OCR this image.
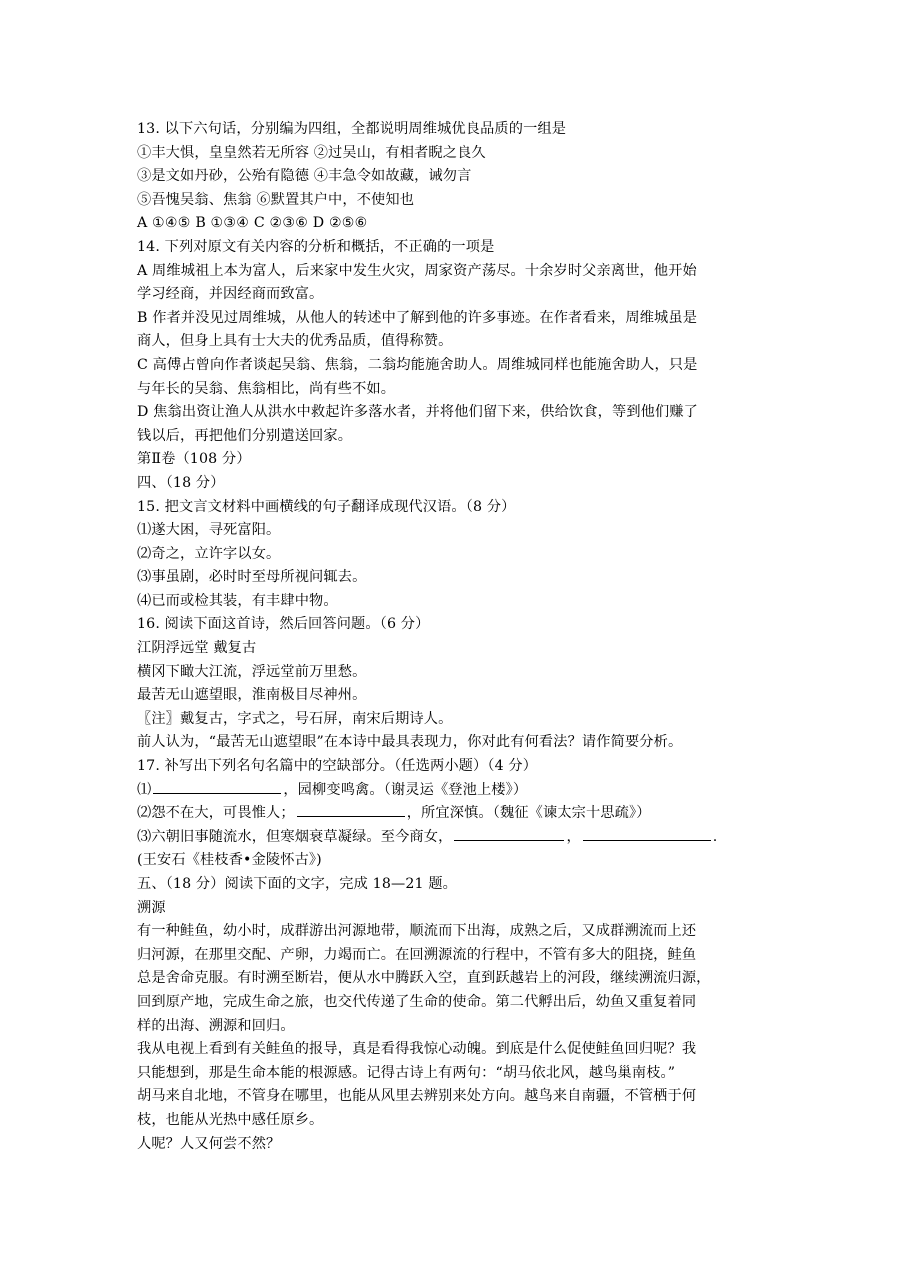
13. 以下六句话，分别编为四组，全都说明周维城优良品质的一组是
①丰大惧，皇皇然若无所容 ②过吴山，有相者睨之良久
③是文如丹砂，公殆有隐德 ④丰急令如故藏，诫勿言
⑤吾愧吴翁、焦翁 ⑥默置其户中，不使知也
A ①④⑤ B ①③④ C ②③⑥ D ②⑤⑥
14. 下列对原文有关内容的分析和概括，不正确的一项是
A 周维城祖上本为富人，后来家中发生火灾，周家资产荡尽。十余岁时父亲离世，他开始
学习经商，并因经商而致富。
B 作者并没见过周维城，从他人的转述中了解到他的许多事迹。在作者看来，周维城虽是
商人，但身上具有士大夫的优秀品质，值得称赞。
C 高傅占曾向作者谈起吴翁、焦翁，二翁均能施舍助人。周维城同样也能施舍助人，只是
与年长的吴翁、焦翁相比，尚有些不如。
D 焦翁出资让渔人从洪水中救起许多落水者，并将他们留下来，供给饮食，等到他们赚了
钱以后，再把他们分别遣送回家。
第Ⅱ卷（108 分）
四、（18 分）
15. 把文言文材料中画横线的句子翻译成现代汉语。（8 分）
⑴遂大困，寻死富阳。
⑵奇之，立许字以女。
⑶事虽剧，必时时至母所视问辄去。
⑷已而或检其装，有丰肆中物。
16. 阅读下面这首诗，然后回答问题。（6 分）
江阴浮远堂 戴复古
横冈下瞰大江流，浮远堂前万里愁。
最苦无山遮望眼，淮南极目尽神州。
〖注〗戴复古，字式之，号石屏，南宋后期诗人。
前人认为，“最苦无山遮望眼”在本诗中最具表现力，你对此有何看法？请作简要分析。
17. 补写出下列名句名篇中的空缺部分。（任选两小题）（4 分）
⑴	，园柳变鸣禽。（谢灵运《登池上楼》）
⑵怨不在大，可畏惟人；	，所宜深慎。（魏征《谏太宗十思疏》）
⑶六朝旧事随流水，但寒烟衰草凝绿。至今商女，	，	.
(王安石《桂枝香•金陵怀古》)
五、（18 分）阅读下面的文字，完成 18—21 题。
溯源
有一种鲑鱼，幼小时，成群游出河源地带，顺流而下出海，成熟之后，又成群溯流而上还
归河源，在那里交配、产卵，力竭而亡。在回溯源流的行程中，不管有多大的阻挠，鲑鱼
总是舍命克服。有时溯至断岩，便从水中腾跃入空，直到跃越岩上的河段，继续溯流归源，
回到原产地，完成生命之旅，也交代传递了生命的使命。第二代孵出后，幼鱼又重复着同
样的出海、溯源和回归。
我从电视上看到有关鲑鱼的报导，真是看得我惊心动魄。到底是什么促使鲑鱼回归呢？我
只能想到，那是生命本能的根源感。记得古诗上有两句：“胡马依北风，越鸟巢南枝。”
胡马来自北地，不管身在哪里，也能从风里去辨别来处方向。越鸟来自南疆，不管栖于何
枝，也能从光热中感任原乡。
人呢？人又何尝不然？
